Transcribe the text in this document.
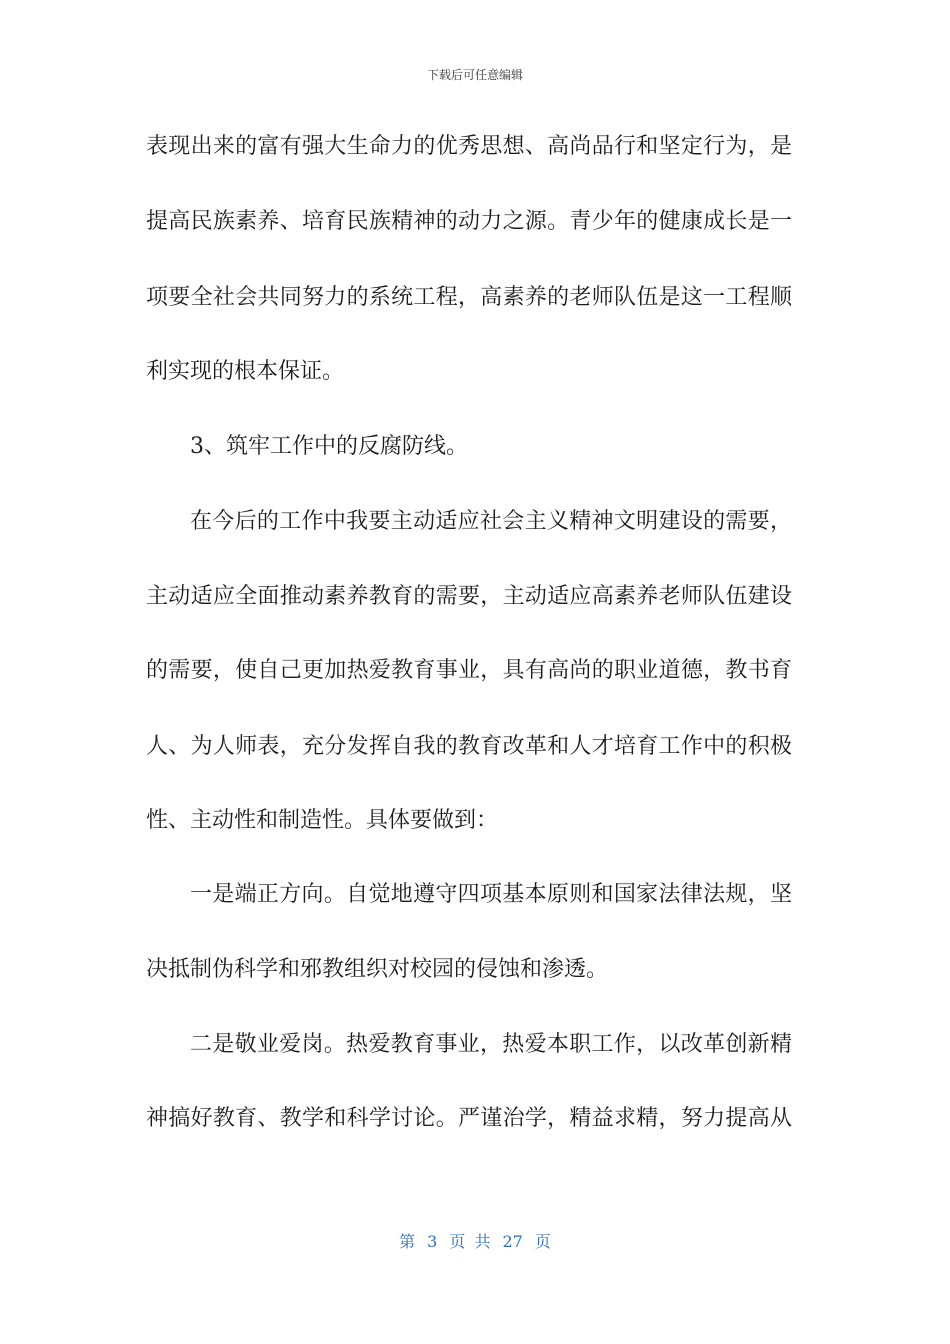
下载后可任意编辑
表现出来的富有强大生命力的优秀思想、高尚品行和坚定行为，是
提高民族素养、培育民族精神的动力之源。青少年的健康成长是一
项要全社会共同努力的系统工程，高素养的老师队伍是这一工程顺
利实现的根本保证。
3、筑牢工作中的反腐防线。
在今后的工作中我要主动适应社会主义精神文明建设的需要，
主动适应全面推动素养教育的需要，主动适应高素养老师队伍建设
的需要，使自己更加热爱教育事业，具有高尚的职业道德，教书育
人、为人师表，充分发挥自我的教育改革和人才培育工作中的积极
性、主动性和制造性。具体要做到：
一是端正方向。自觉地遵守四项基本原则和国家法律法规，坚
决抵制伪科学和邪教组织对校园的侵蚀和渗透。
二是敬业爱岗。热爱教育事业，热爱本职工作，以改革创新精
神搞好教育、教学和科学讨论。严谨治学，精益求精，努力提高从
第 3 页 共 27 页
